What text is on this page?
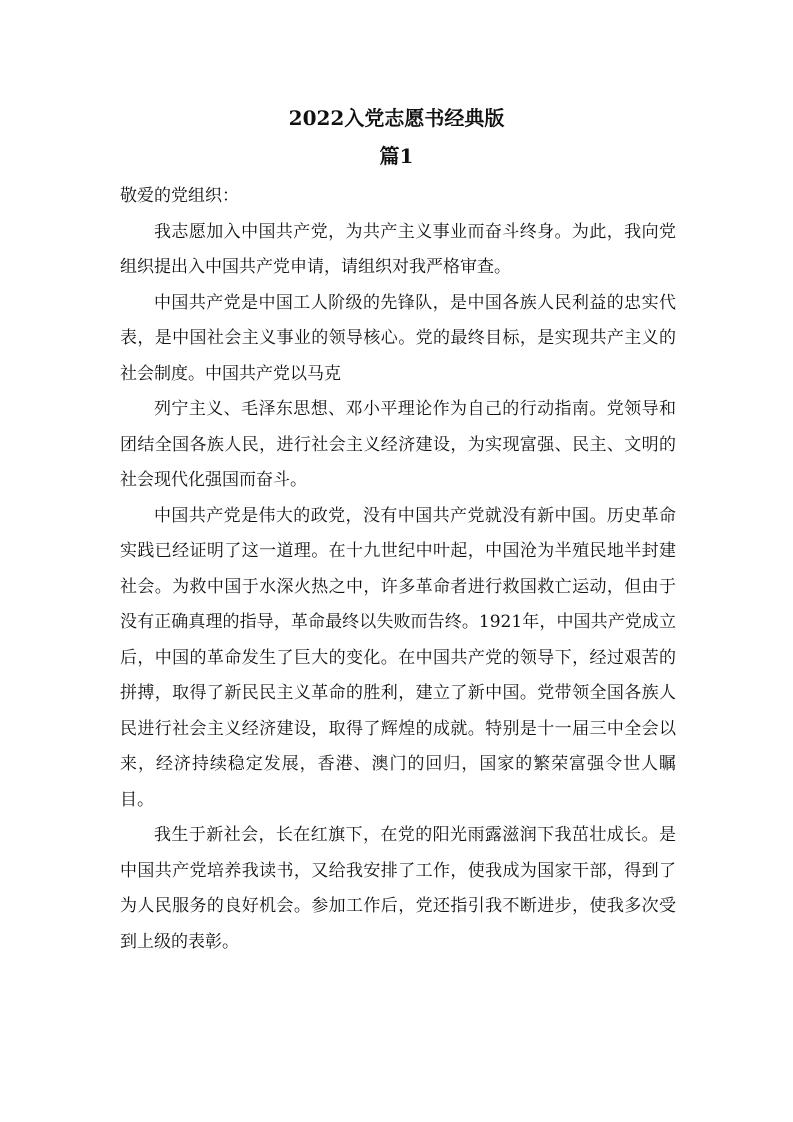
2022入党志愿书经典版
篇1

敬爱的党组织：

我志愿加入中国共产党，为共产主义事业而奋斗终身。为此，我向党组织提出入中国共产党申请，请组织对我严格审查。

中国共产党是中国工人阶级的先锋队，是中国各族人民利益的忠实代表，是中国社会主义事业的领导核心。党的最终目标，是实现共产主义的社会制度。中国共产党以马克

列宁主义、毛泽东思想、邓小平理论作为自己的行动指南。党领导和团结全国各族人民，进行社会主义经济建设，为实现富强、民主、文明的社会现代化强国而奋斗。

中国共产党是伟大的政党，没有中国共产党就没有新中国。历史革命实践已经证明了这一道理。在十九世纪中叶起，中国沧为半殖民地半封建社会。为救中国于水深火热之中，许多革命者进行救国救亡运动，但由于没有正确真理的指导，革命最终以失败而告终。1921年，中国共产党成立后，中国的革命发生了巨大的变化。在中国共产党的领导下，经过艰苦的拼搏，取得了新民民主义革命的胜利，建立了新中国。党带领全国各族人民进行社会主义经济建设，取得了辉煌的成就。特别是十一届三中全会以来，经济持续稳定发展，香港、澳门的回归，国家的繁荣富强令世人瞩目。

我生于新社会，长在红旗下，在党的阳光雨露滋润下我茁壮成长。是中国共产党培养我读书，又给我安排了工作，使我成为国家干部，得到了为人民服务的良好机会。参加工作后，党还指引我不断进步，使我多次受到上级的表彰。
